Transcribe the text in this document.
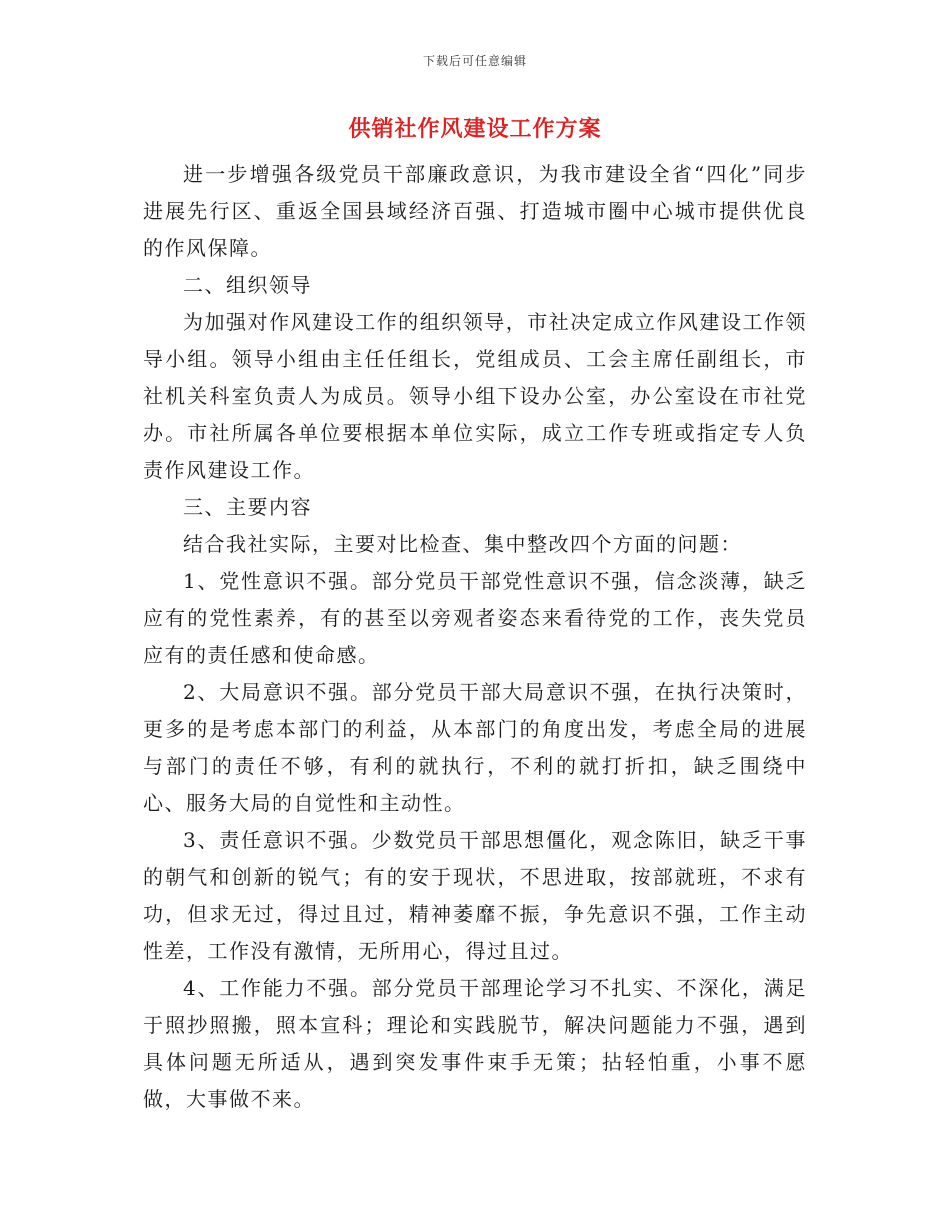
下载后可任意编辑
供销社作风建设工作方案

进一步增强各级党员干部廉政意识，为我市建设全省“四化”同步进展先行区、重返全国县域经济百强、打造城市圈中心城市提供优良的作风保障。

二、组织领导

为加强对作风建设工作的组织领导，市社决定成立作风建设工作领导小组。领导小组由主任任组长，党组成员、工会主席任副组长，市社机关科室负责人为成员。领导小组下设办公室，办公室设在市社党办。市社所属各单位要根据本单位实际，成立工作专班或指定专人负责作风建设工作。

三、主要内容

结合我社实际，主要对比检查、集中整改四个方面的问题：

1、党性意识不强。部分党员干部党性意识不强，信念淡薄，缺乏应有的党性素养，有的甚至以旁观者姿态来看待党的工作，丧失党员应有的责任感和使命感。

2、大局意识不强。部分党员干部大局意识不强，在执行决策时，更多的是考虑本部门的利益，从本部门的角度出发，考虑全局的进展与部门的责任不够，有利的就执行，不利的就打折扣，缺乏围绕中心、服务大局的自觉性和主动性。

3、责任意识不强。少数党员干部思想僵化，观念陈旧，缺乏干事的朝气和创新的锐气；有的安于现状，不思进取，按部就班，不求有功，但求无过，得过且过，精神萎靡不振，争先意识不强，工作主动性差，工作没有激情，无所用心，得过且过。

4、工作能力不强。部分党员干部理论学习不扎实、不深化，满足于照抄照搬，照本宣科；理论和实践脱节，解决问题能力不强，遇到具体问题无所适从，遇到突发事件束手无策；拈轻怕重，小事不愿做，大事做不来。
